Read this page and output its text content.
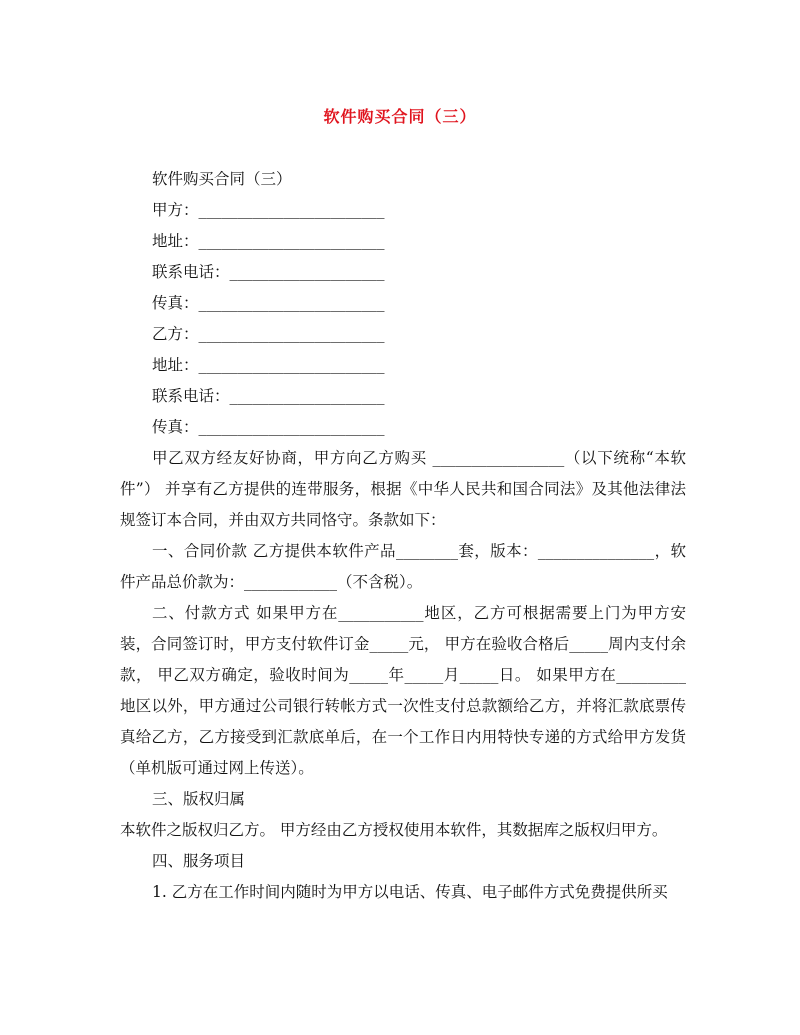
软件购买合同（三）
软件购买合同（三）
甲方：________________________
地址：________________________
联系电话：____________________
传真：________________________
乙方：________________________
地址：________________________
联系电话：____________________
传真：________________________
甲乙双方经友好协商，甲方向乙方购买 _________________（以下统称“本软件”） 并享有乙方提供的连带服务，根据《中华人民共和国合同法》及其他法律法规签订本合同，并由双方共同恪守。条款如下：
一、合同价款 乙方提供本软件产品________套，版本：_______________，软件产品总价款为：____________（不含税）。
二、付款方式 如果甲方在___________地区，乙方可根据需要上门为甲方安装，合同签订时，甲方支付软件订金_____元， 甲方在验收合格后_____周内支付余款， 甲乙双方确定，验收时间为_____年_____月_____日。 如果甲方在_________地区以外，甲方通过公司银行转帐方式一次性支付总款额给乙方，并将汇款底票传真给乙方，乙方接受到汇款底单后，在一个工作日内用特快专递的方式给甲方发货（单机版可通过网上传送）。
三、版权归属
本软件之版权归乙方。 甲方经由乙方授权使用本软件，其数据库之版权归甲方。
四、服务项目
1. 乙方在工作时间内随时为甲方以电话、传真、电子邮件方式免费提供所买
